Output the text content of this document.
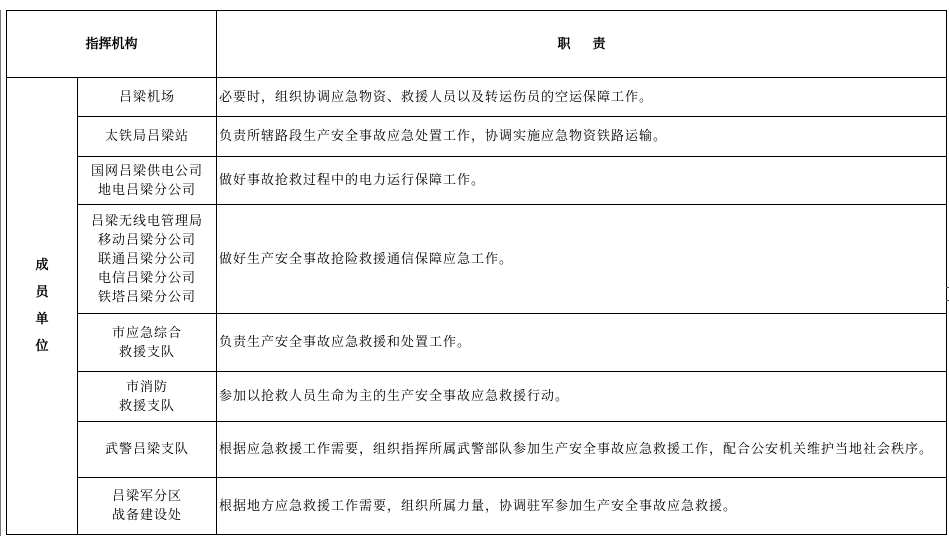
指挥机构		职责

成
员
单
位	吕梁机场	必要时，组织协调应急物资、救援人员以及转运伤员的空运保障工作。

	太铁局吕梁站	负责所辖路段生产安全事故应急处置工作，协调实施应急物资铁路运输。

	国网吕梁供电公司
地电吕梁分公司	做好事故抢救过程中的电力运行保障工作。

	吕梁无线电管理局
移动吕梁分公司
联通吕梁分公司
电信吕梁分公司
铁塔吕梁分公司	做好生产安全事故抢险救援通信保障应急工作。

	市应急综合
救援支队	负责生产安全事故应急救援和处置工作。

	市消防
救援支队	参加以抢救人员生命为主的生产安全事故应急救援行动。

	武警吕梁支队	根据应急救援工作需要，组织指挥所属武警部队参加生产安全事故应急救援工作，配合公安机关维护当地社会秩序。

	吕梁军分区
战备建设处	根据地方应急救援工作需要，组织所属力量，协调驻军参加生产安全事故应急救援。
